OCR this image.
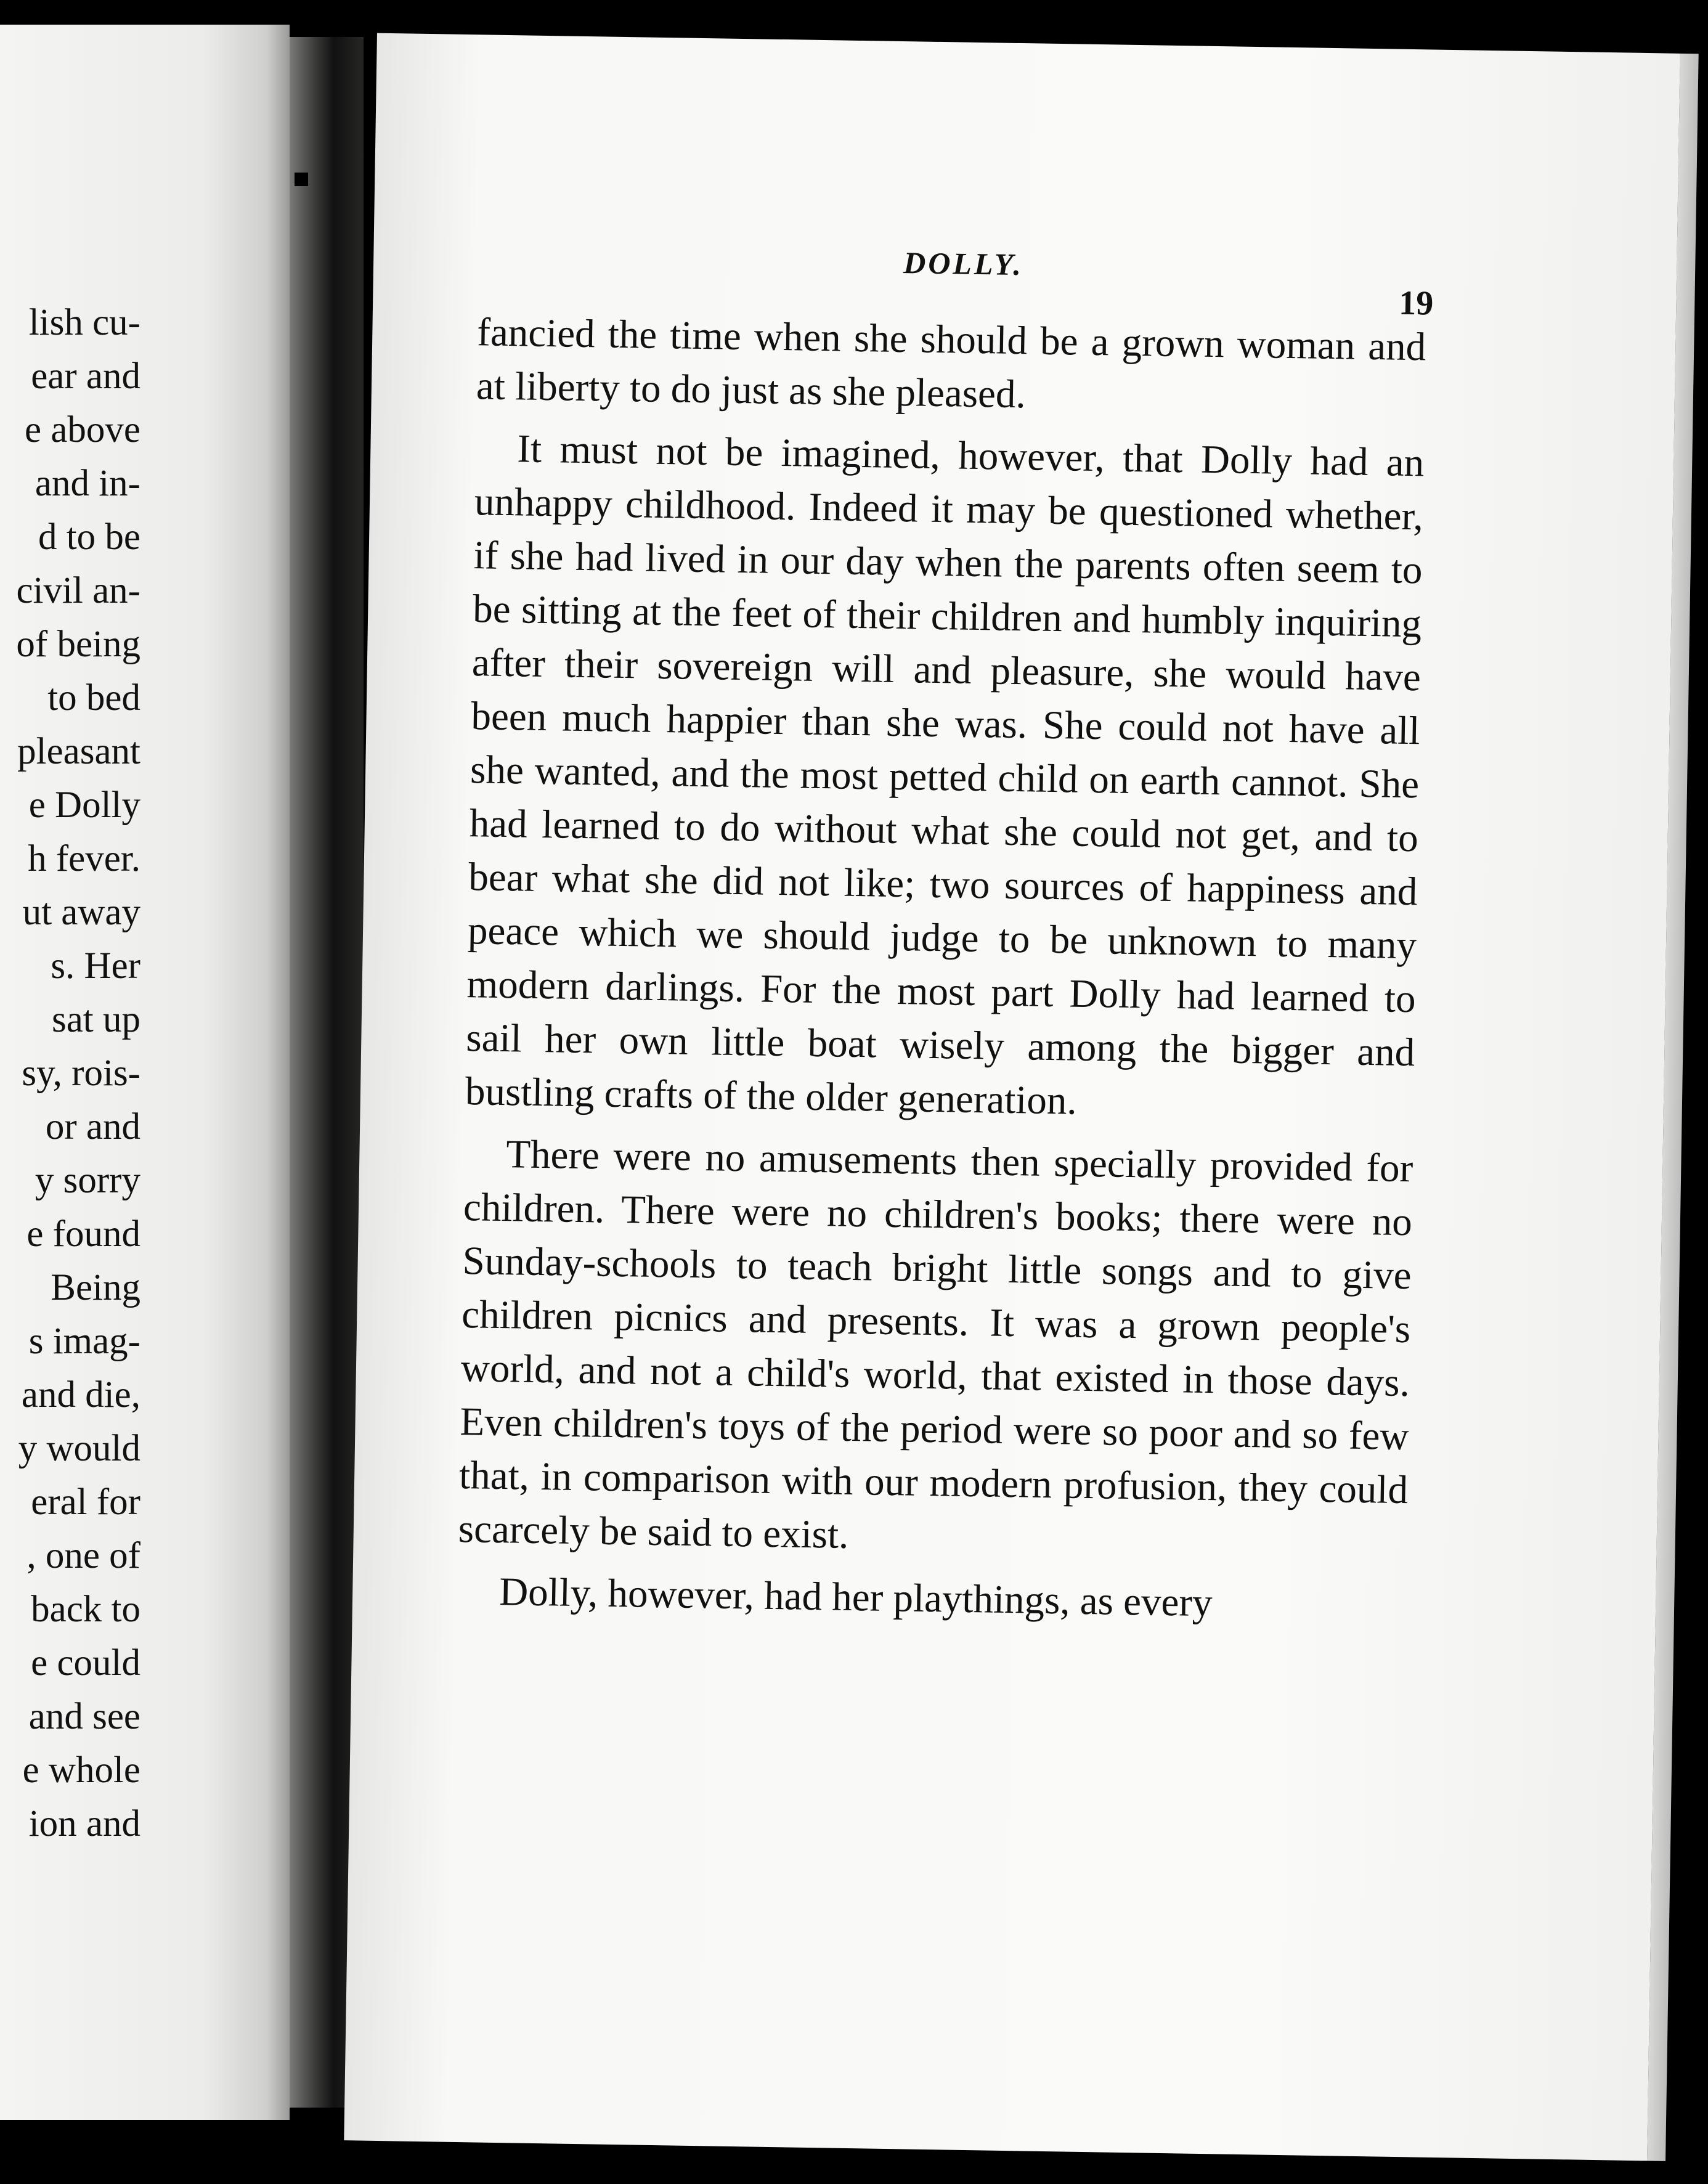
lish cu-
ear and
e above
and in-
d to be
civil an-
of being
to bed
pleasant
e Dolly
h fever.
ut away
s. Her
sat up
sy, rois-
or and
y sorry
e found
Being
s imag-
and die,
y would
eral for
, one of
back to
e could
and see
e whole
ion and
DOLLY.
19

fancied the time when she should be a grown woman and at liberty to do just as she pleased.

It must not be imagined, however, that Dolly had an unhappy childhood. Indeed it may be questioned whether, if she had lived in our day when the parents often seem to be sitting at the feet of their children and humbly inquiring after their sovereign will and pleasure, she would have been much happier than she was. She could not have all she wanted, and the most petted child on earth cannot. She had learned to do without what she could not get, and to bear what she did not like; two sources of happiness and peace which we should judge to be unknown to many modern darlings. For the most part Dolly had learned to sail her own little boat wisely among the bigger and bustling crafts of the older generation.

There were no amusements then specially provided for children. There were no children's books; there were no Sunday-schools to teach bright little songs and to give children picnics and presents. It was a grown people's world, and not a child's world, that existed in those days. Even children's toys of the period were so poor and so few that, in comparison with our modern profusion, they could scarcely be said to exist.

Dolly, however, had her playthings, as every
